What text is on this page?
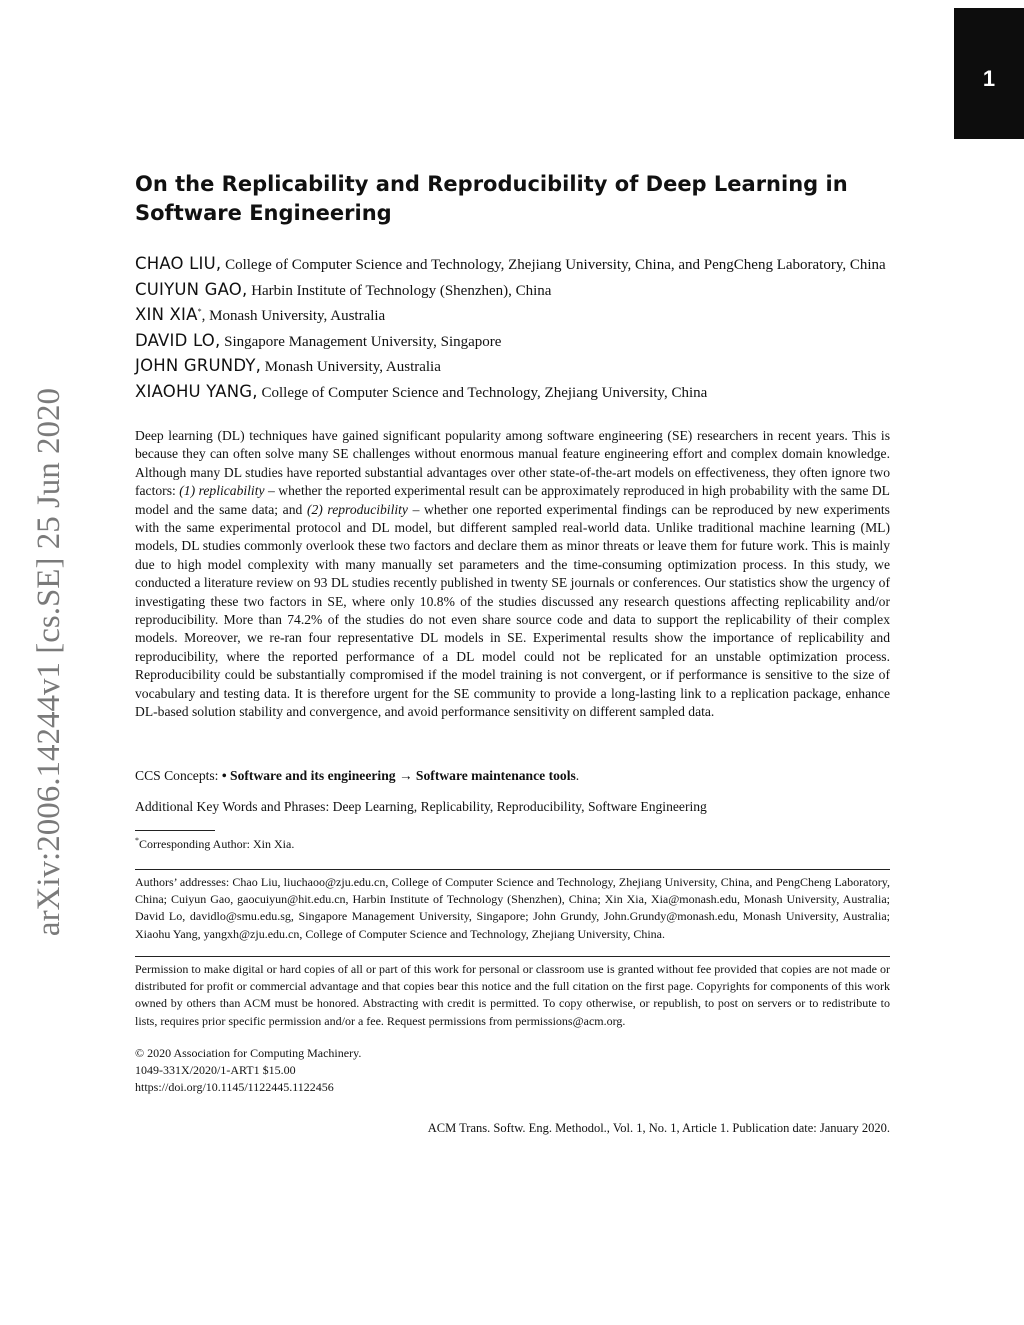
1
arXiv:2006.14244v1 [cs.SE] 25 Jun 2020
On the Replicability and Reproducibility of Deep Learning in Software Engineering
CHAO LIU, College of Computer Science and Technology, Zhejiang University, China, and PengCheng Laboratory, China
CUIYUN GAO, Harbin Institute of Technology (Shenzhen), China
XIN XIA*, Monash University, Australia
DAVID LO, Singapore Management University, Singapore
JOHN GRUNDY, Monash University, Australia
XIAOHU YANG, College of Computer Science and Technology, Zhejiang University, China

Deep learning (DL) techniques have gained significant popularity among software engineering (SE) researchers in recent years. This is because they can often solve many SE challenges without enormous manual feature engineering effort and complex domain knowledge. Although many DL studies have reported substantial advantages over other state-of-the-art models on effectiveness, they often ignore two factors: (1) replicability – whether the reported experimental result can be approximately reproduced in high probability with the same DL model and the same data; and (2) reproducibility – whether one reported experimental findings can be reproduced by new experiments with the same experimental protocol and DL model, but different sampled real-world data. Unlike traditional machine learning (ML) models, DL studies commonly overlook these two factors and declare them as minor threats or leave them for future work. This is mainly due to high model complexity with many manually set parameters and the time-consuming optimization process. In this study, we conducted a literature review on 93 DL studies recently published in twenty SE journals or conferences. Our statistics show the urgency of investigating these two factors in SE, where only 10.8% of the studies discussed any research questions affecting replicability and/or reproducibility. More than 74.2% of the studies do not even share source code and data to support the replicability of their complex models. Moreover, we re-ran four representative DL models in SE. Experimental results show the importance of replicability and reproducibility, where the reported performance of a DL model could not be replicated for an unstable optimization process. Reproducibility could be substantially compromised if the model training is not convergent, or if performance is sensitive to the size of vocabulary and testing data. It is therefore urgent for the SE community to provide a long-lasting link to a replication package, enhance DL-based solution stability and convergence, and avoid performance sensitivity on different sampled data.

CCS Concepts: • Software and its engineering → Software maintenance tools.

Additional Key Words and Phrases: Deep Learning, Replicability, Reproducibility, Software Engineering

*Corresponding Author: Xin Xia.

Authors’ addresses: Chao Liu, liuchaoo@zju.edu.cn, College of Computer Science and Technology, Zhejiang University, China, and PengCheng Laboratory, China; Cuiyun Gao, gaocuiyun@hit.edu.cn, Harbin Institute of Technology (Shenzhen), China; Xin Xia, Xia@monash.edu, Monash University, Australia; David Lo, davidlo@smu.edu.sg, Singapore Management University, Singapore; John Grundy, John.Grundy@monash.edu, Monash University, Australia; Xiaohu Yang, yangxh@zju.edu.cn, College of Computer Science and Technology, Zhejiang University, China.

Permission to make digital or hard copies of all or part of this work for personal or classroom use is granted without fee provided that copies are not made or distributed for profit or commercial advantage and that copies bear this notice and the full citation on the first page. Copyrights for components of this work owned by others than ACM must be honored. Abstracting with credit is permitted. To copy otherwise, or republish, to post on servers or to redistribute to lists, requires prior specific permission and/or a fee. Request permissions from permissions@acm.org.

© 2020 Association for Computing Machinery.
1049-331X/2020/1-ART1 $15.00
https://doi.org/10.1145/1122445.1122456
ACM Trans. Softw. Eng. Methodol., Vol. 1, No. 1, Article 1. Publication date: January 2020.
